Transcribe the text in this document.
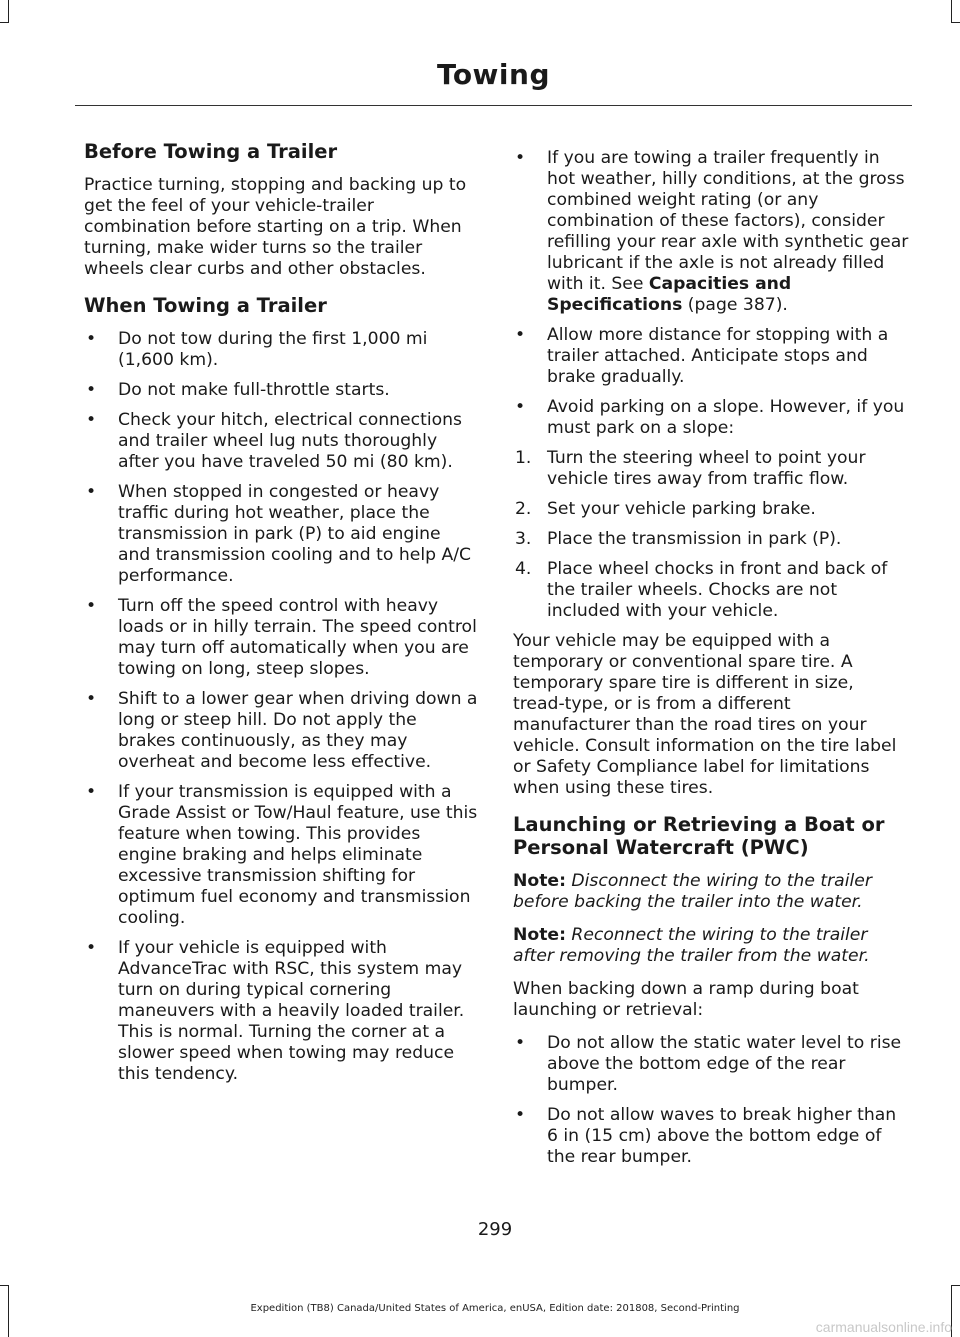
Towing
Before Towing a Trailer

Practice turning, stopping and backing up to get the feel of your vehicle-trailer combination before starting on a trip. When turning, make wider turns so the trailer wheels clear curbs and other obstacles.

When Towing a Trailer
• Do not tow during the first 1,000 mi (1,600 km).
• Do not make full-throttle starts.
• Check your hitch, electrical connections and trailer wheel lug nuts thoroughly after you have traveled 50 mi (80 km).
• When stopped in congested or heavy traffic during hot weather, place the transmission in park (P) to aid engine and transmission cooling and to help A/C performance.
• Turn off the speed control with heavy loads or in hilly terrain. The speed control may turn off automatically when you are towing on long, steep slopes.
• Shift to a lower gear when driving down a long or steep hill. Do not apply the brakes continuously, as they may overheat and become less effective.
• If your transmission is equipped with a Grade Assist or Tow/Haul feature, use this feature when towing. This provides engine braking and helps eliminate excessive transmission shifting for optimum fuel economy and transmission cooling.
• If your vehicle is equipped with AdvanceTrac with RSC, this system may turn on during typical cornering maneuvers with a heavily loaded trailer. This is normal. Turning the corner at a slower speed when towing may reduce this tendency.
• If you are towing a trailer frequently in hot weather, hilly conditions, at the gross combined weight rating (or any combination of these factors), consider refilling your rear axle with synthetic gear lubricant if the axle is not already filled with it. See Capacities and Specifications (page 387).
• Allow more distance for stopping with a trailer attached. Anticipate stops and brake gradually.
• Avoid parking on a slope. However, if you must park on a slope:
1. Turn the steering wheel to point your vehicle tires away from traffic flow.
2. Set your vehicle parking brake.
3. Place the transmission in park (P).
4. Place wheel chocks in front and back of the trailer wheels. Chocks are not included with your vehicle.

Your vehicle may be equipped with a temporary or conventional spare tire. A temporary spare tire is different in size, tread-type, or is from a different manufacturer than the road tires on your vehicle. Consult information on the tire label or Safety Compliance label for limitations when using these tires.

Launching or Retrieving a Boat or Personal Watercraft (PWC)

Note: Disconnect the wiring to the trailer before backing the trailer into the water.

Note: Reconnect the wiring to the trailer after removing the trailer from the water.

When backing down a ramp during boat launching or retrieval:

• Do not allow the static water level to rise above the bottom edge of the rear bumper.
• Do not allow waves to break higher than 6 in (15 cm) above the bottom edge of the rear bumper.
299
Expedition (TB8) Canada/United States of America, enUSA, Edition date: 201808, Second-Printing
carmanualsonline.info
